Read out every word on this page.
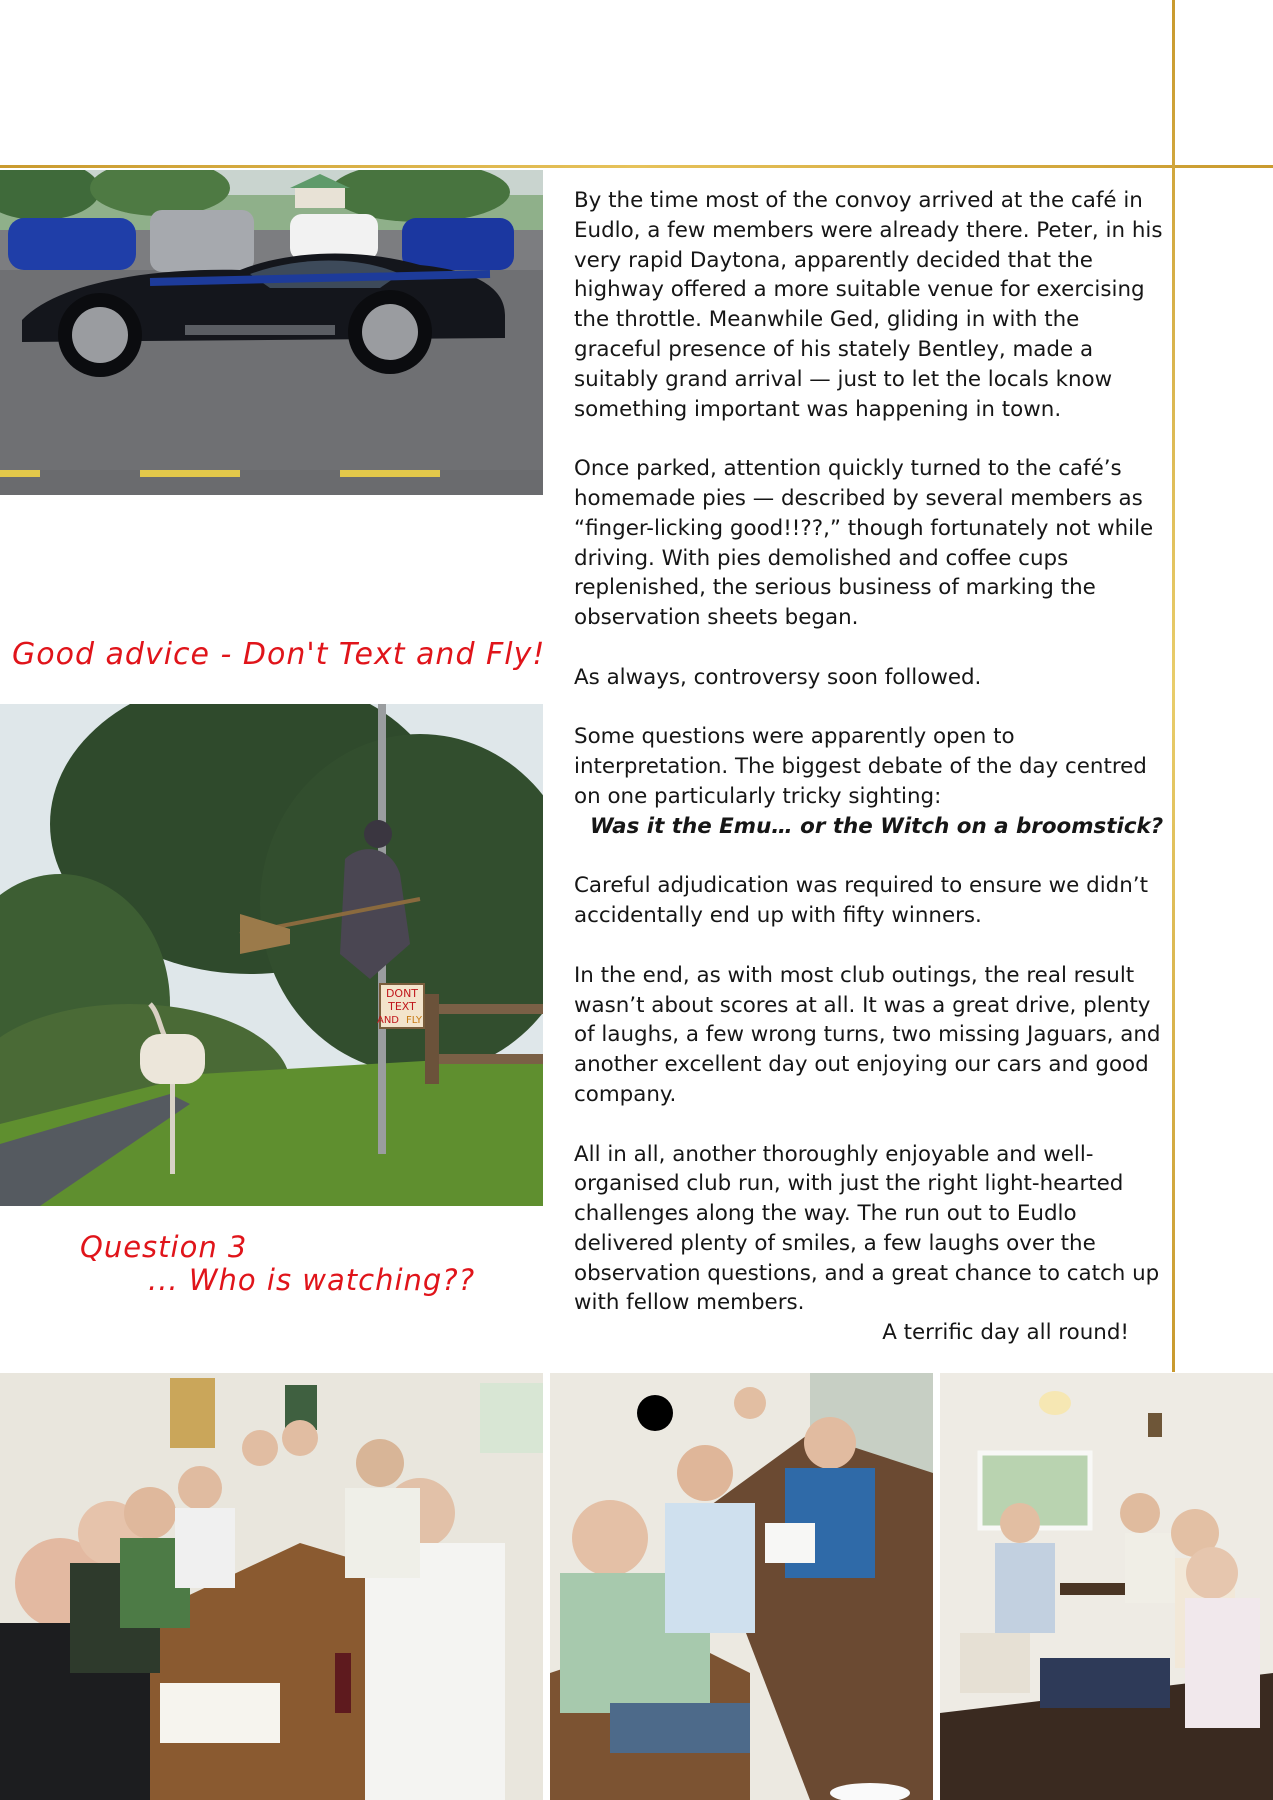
Good advice - Don't Text and Fly!
DONT
TEXT
AND FLY
Question 3
... Who is watching??

By the time most of the convoy arrived at the café in Eudlo, a few members were already there. Peter, in his very rapid Daytona, apparently decided that the highway offered a more suitable venue for exercising the throttle. Meanwhile Ged, gliding in with the graceful presence of his stately Bentley, made a suitably grand arrival — just to let the locals know something important was happening in town.

Once parked, attention quickly turned to the café’s homemade pies — described by several members as “finger-licking good!!??,” though fortunately not while driving. With pies demolished and coffee cups replenished, the serious business of marking the observation sheets began.

As always, controversy soon followed.

Some questions were apparently open to interpretation. The biggest debate of the day centred on one particularly tricky sighting:
Was it the Emu… or the Witch on a broomstick?

Careful adjudication was required to ensure we didn’t accidentally end up with fifty winners.

In the end, as with most club outings, the real result wasn’t about scores at all. It was a great drive, plenty of laughs, a few wrong turns, two missing Jaguars, and another excellent day out enjoying our cars and good company.

All in all, another thoroughly enjoyable and well-organised club run, with just the right light-hearted challenges along the way. The run out to Eudlo delivered plenty of smiles, a few laughs over the observation questions, and a great chance to catch up with fellow members.

A terrific day all round!
